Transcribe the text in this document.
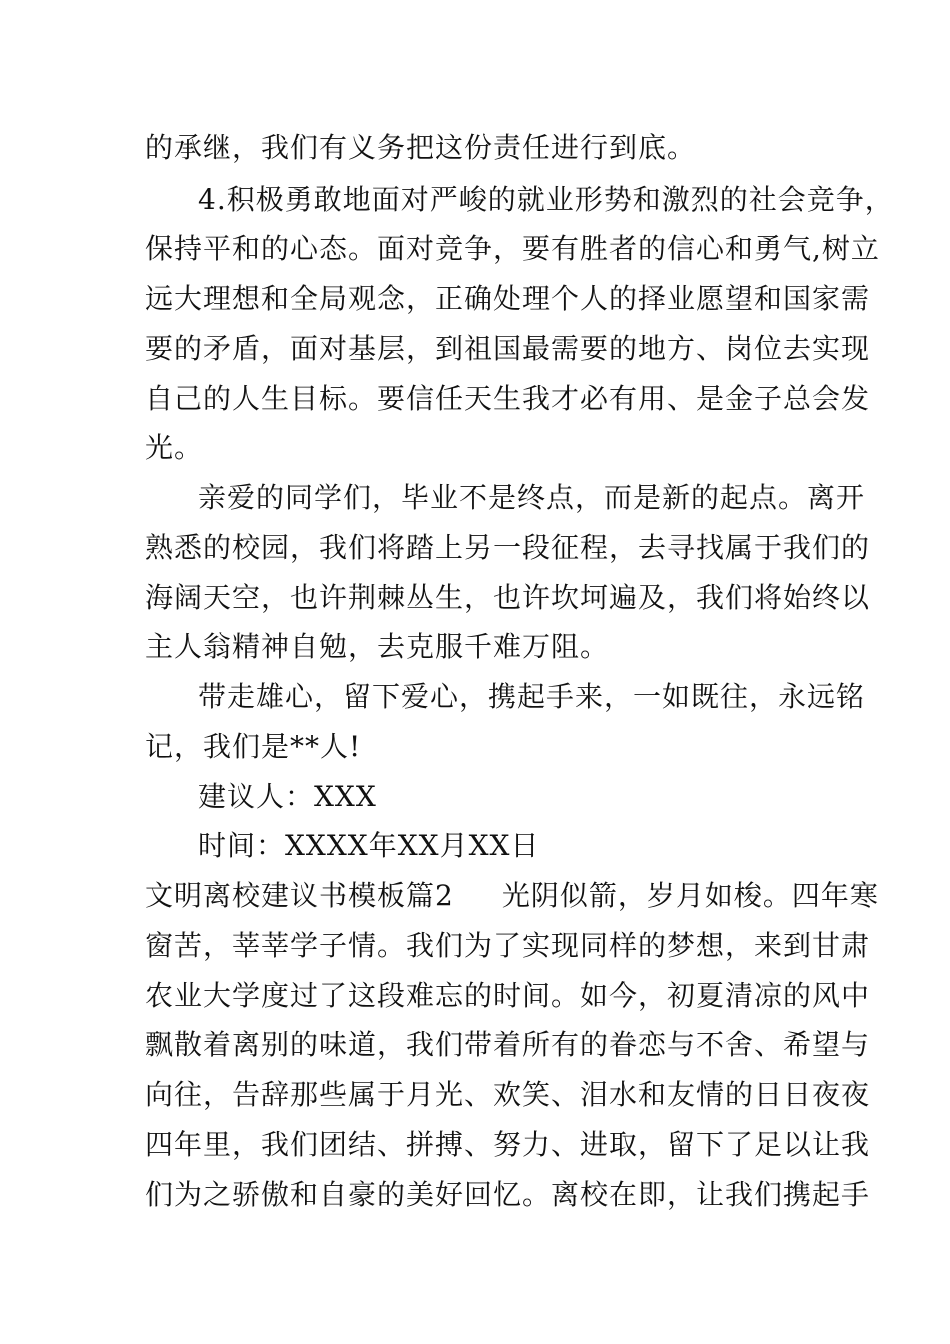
的承继，我们有义务把这份责任进行到底。
4.积极勇敢地面对严峻的就业形势和激烈的社会竞争，
保持平和的心态。面对竞争，要有胜者的信心和勇气,树立
远大理想和全局观念，正确处理个人的择业愿望和国家需
要的矛盾，面对基层，到祖国最需要的地方、岗位去实现
自己的人生目标。要信任天生我才必有用、是金子总会发
光。
亲爱的同学们，毕业不是终点，而是新的起点。离开
熟悉的校园，我们将踏上另一段征程，去寻找属于我们的
海阔天空，也许荆棘丛生，也许坎坷遍及，我们将始终以
主人翁精神自勉，去克服千难万阻。
带走雄心，留下爱心，携起手来，一如既往，永远铭
记，我们是**人!
建议人：XXX
时间：XXXX年XX月XX日
文明离校建议书模板篇2 光阴似箭，岁月如梭。四年寒
窗苦，莘莘学子情。我们为了实现同样的梦想，来到甘肃
农业大学度过了这段难忘的时间。如今，初夏清凉的风中
飘散着离别的味道，我们带着所有的眷恋与不舍、希望与
向往，告辞那些属于月光、欢笑、泪水和友情的日日夜夜
四年里，我们团结、拼搏、努力、进取，留下了足以让我
们为之骄傲和自豪的美好回忆。离校在即，让我们携起手
